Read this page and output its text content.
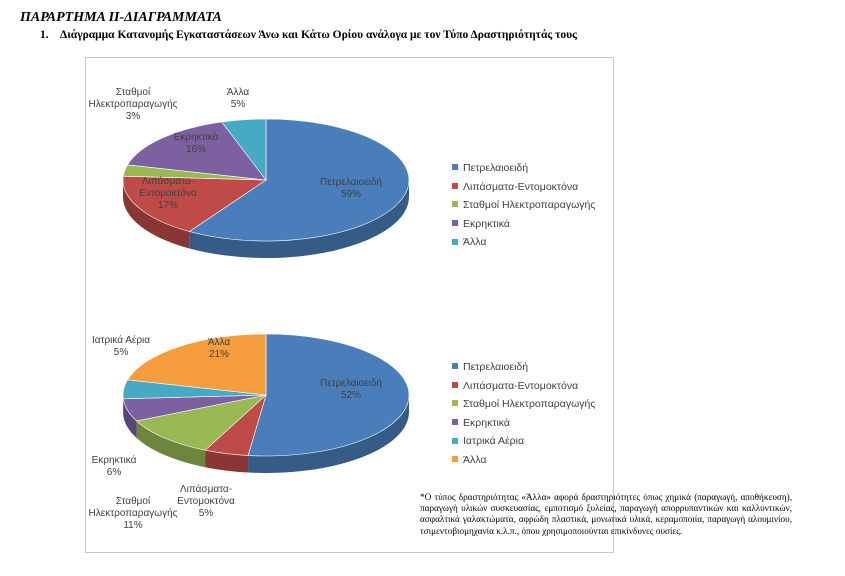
ΠΑΡΑΡΤΗΜΑ ΙΙ-ΔΙΑΓΡΑΜΜΑΤΑ
1. Διάγραμμα Κατανομής Εγκαταστάσεων Άνω και Κάτω Ορίου ανάλογα με τον Τύπο Δραστηριότητάς τους
Πετρελαιοειδή 59%
Λιπάσματα-Εντομοκτόνα 17%
Σταθμοί Ηλεκτροπαραγωγής 3%
Εκρηκτικά 16%
Άλλα 5%
Πετρελαιοειδή 52%
Λιπάσματα-Εντομοκτόνα 5%
Σταθμοί Ηλεκτροπαραγωγής 11%
Εκρηκτικά 6%
Ιατρικά Αέρια 5%
Άλλα 21%
Πετρελαιοειδή
Λιπάσματα-Εντομοκτόνα
Σταθμοί Ηλεκτροπαραγωγής
Εκρηκτικά
Άλλα
Πετρελαιοειδή
Λιπάσματα-Εντομοκτόνα
Σταθμοί Ηλεκτροπαραγωγής
Εκρηκτικά
Ιατρικά Αέρια
Άλλα
*Ο τύπος δραστηριότητας «Άλλα» αφορά δραστηριότητες όπως χημικά (παραγωγή, αποθήκευση), παραγωγή υλικών συσκευασίας, εμποτισμό ξυλείας, παραγωγή απορρυπαντικών και καλλυντικών, ασφαλτικά γαλακτώματα, αφρώδη πλαστικά, μονωτικά υλικά, κεραμοποιία, παραγωγή αλουμινίου, τσιμεντοβιομηχανία κ.λ.π., όπου χρησιμοποιούνται επικίνδυνες ουσίες.
